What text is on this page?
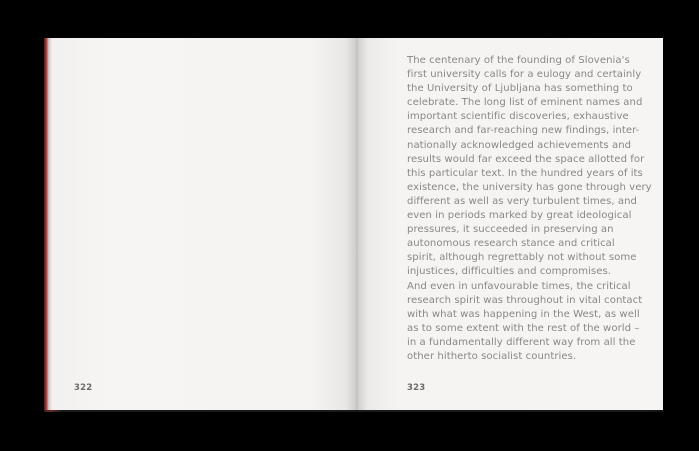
322
The centenary of the founding of Slovenia's
first university calls for a eulogy and certainly
the University of Ljubljana has something to
celebrate. The long list of eminent names and
important scientific discoveries, exhaustive
research and far-reaching new findings, inter-
nationally acknowledged achievements and
results would far exceed the space allotted for
this particular text. In the hundred years of its
existence, the university has gone through very
different as well as very turbulent times, and
even in periods marked by great ideological
pressures, it succeeded in preserving an
autonomous research stance and critical
spirit, although regrettably not without some
injustices, difficulties and compromises.
And even in unfavourable times, the critical
research spirit was throughout in vital contact
with what was happening in the West, as well
as to some extent with the rest of the world –
in a fundamentally different way from all the
other hitherto socialist countries.
323
